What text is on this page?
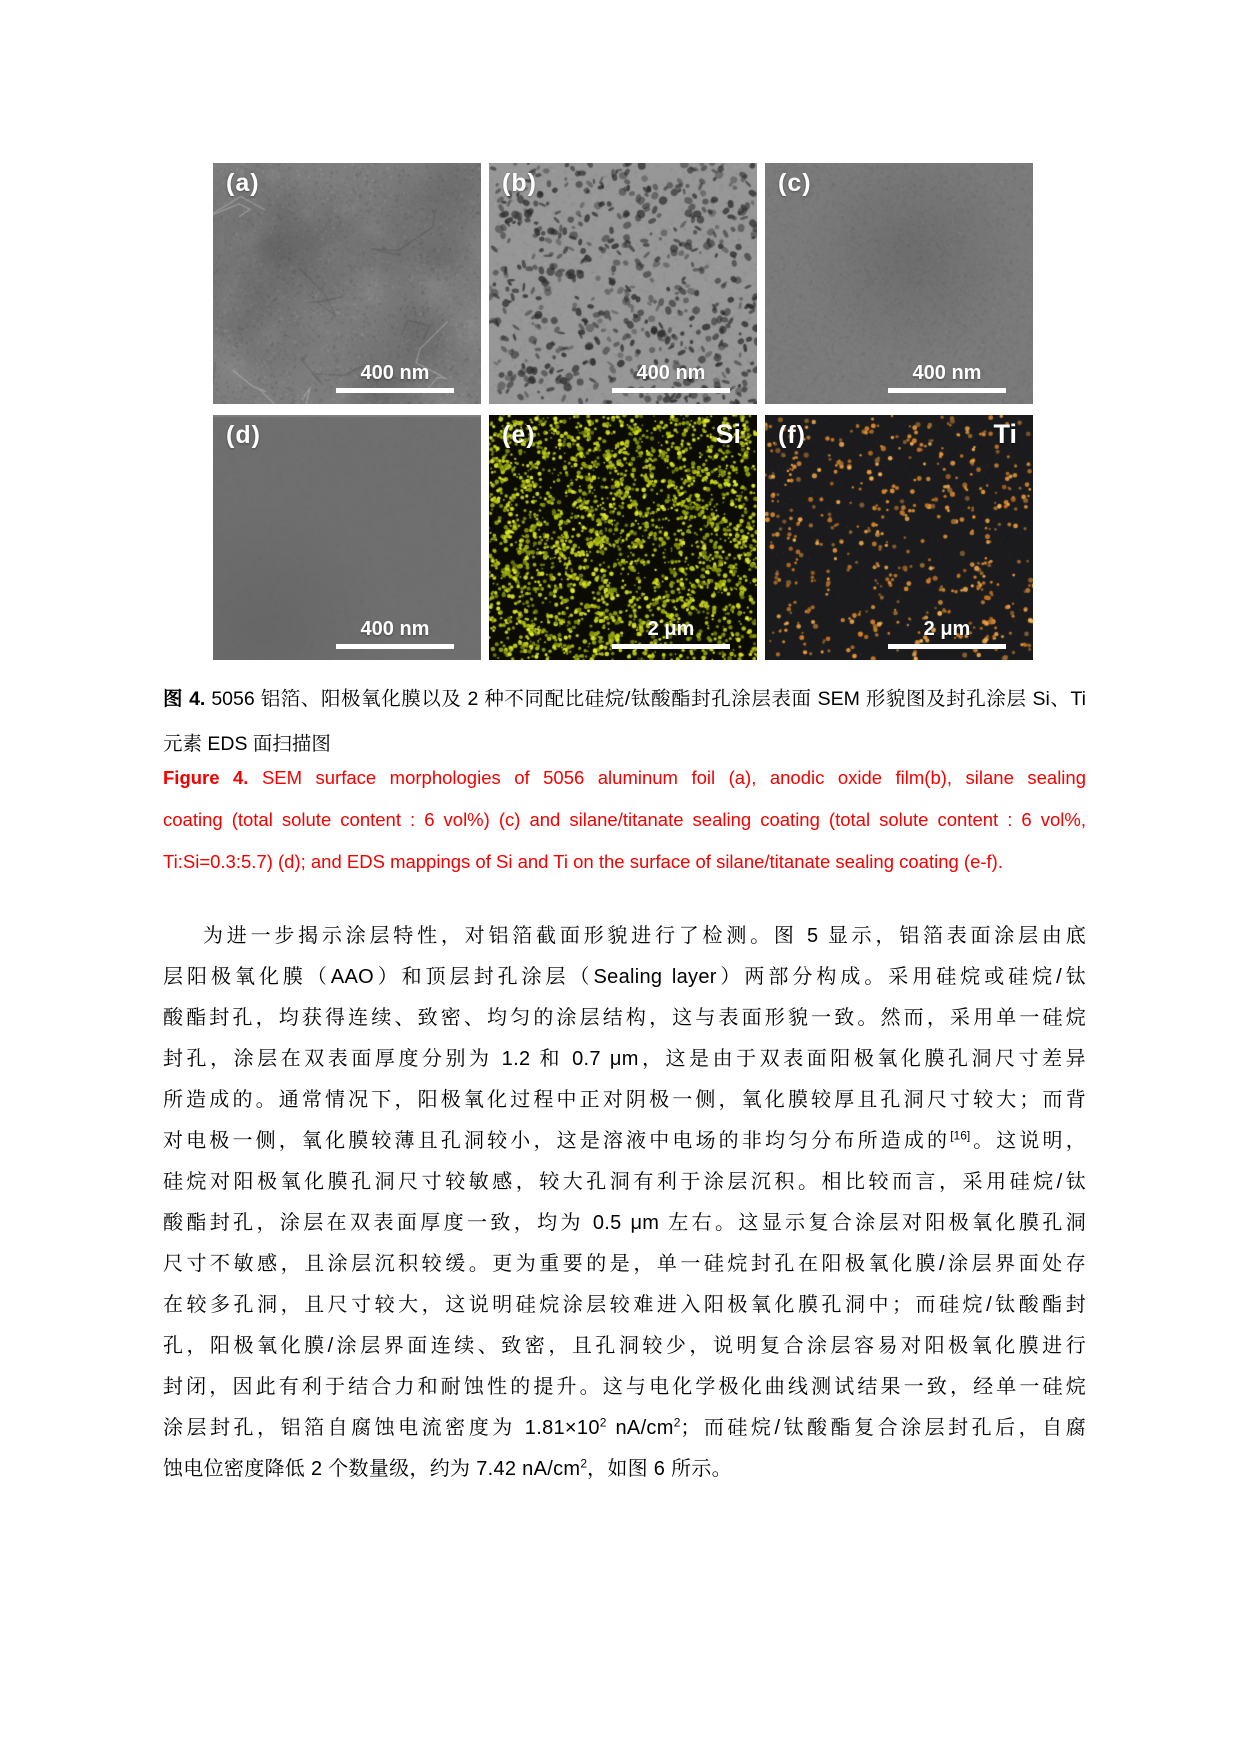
(a)
400 nm
(b)
400 nm
(c)
400 nm
(d)
400 nm
(e)	Si
2 μm
(f)	Ti
2 μm
图 4. 5056 铝箔、阳极氧化膜以及 2 种不同配比硅烷/钛酸酯封孔涂层表面 SEM 形貌图及封孔涂层 Si、Ti
元素 EDS 面扫描图
Figure 4. SEM surface morphologies of 5056 aluminum foil (a), anodic oxide film(b), silane sealing
coating (total solute content : 6 vol%) (c) and silane/titanate sealing coating (total solute content : 6 vol%,
Ti:Si=0.3:5.7) (d); and EDS mappings of Si and Ti on the surface of silane/titanate sealing coating (e-f).
为进一步揭示涂层特性，对铝箔截面形貌进行了检测。图 5 显示，铝箔表面涂层由底
层阳极氧化膜（AAO）和顶层封孔涂层（Sealing layer）两部分构成。采用硅烷或硅烷/钛
酸酯封孔，均获得连续、致密、均匀的涂层结构，这与表面形貌一致。然而，采用单一硅烷
封孔，涂层在双表面厚度分别为 1.2 和 0.7 μm，这是由于双表面阳极氧化膜孔洞尺寸差异
所造成的。通常情况下，阳极氧化过程中正对阴极一侧，氧化膜较厚且孔洞尺寸较大；而背
对电极一侧，氧化膜较薄且孔洞较小，这是溶液中电场的非均匀分布所造成的[16]。这说明，
硅烷对阳极氧化膜孔洞尺寸较敏感，较大孔洞有利于涂层沉积。相比较而言，采用硅烷/钛
酸酯封孔，涂层在双表面厚度一致，均为 0.5 μm 左右。这显示复合涂层对阳极氧化膜孔洞
尺寸不敏感，且涂层沉积较缓。更为重要的是，单一硅烷封孔在阳极氧化膜/涂层界面处存
在较多孔洞，且尺寸较大，这说明硅烷涂层较难进入阳极氧化膜孔洞中；而硅烷/钛酸酯封
孔，阳极氧化膜/涂层界面连续、致密，且孔洞较少，说明复合涂层容易对阳极氧化膜进行
封闭，因此有利于结合力和耐蚀性的提升。这与电化学极化曲线测试结果一致，经单一硅烷
涂层封孔，铝箔自腐蚀电流密度为 $1.81\times 10^2$ $nA/cm^2$；而硅烷/钛酸酯复合涂层封孔后，自腐
蚀电位密度降低 2 个数量级，约为 7.42 $nA/cm^2$，如图 6 所示。
